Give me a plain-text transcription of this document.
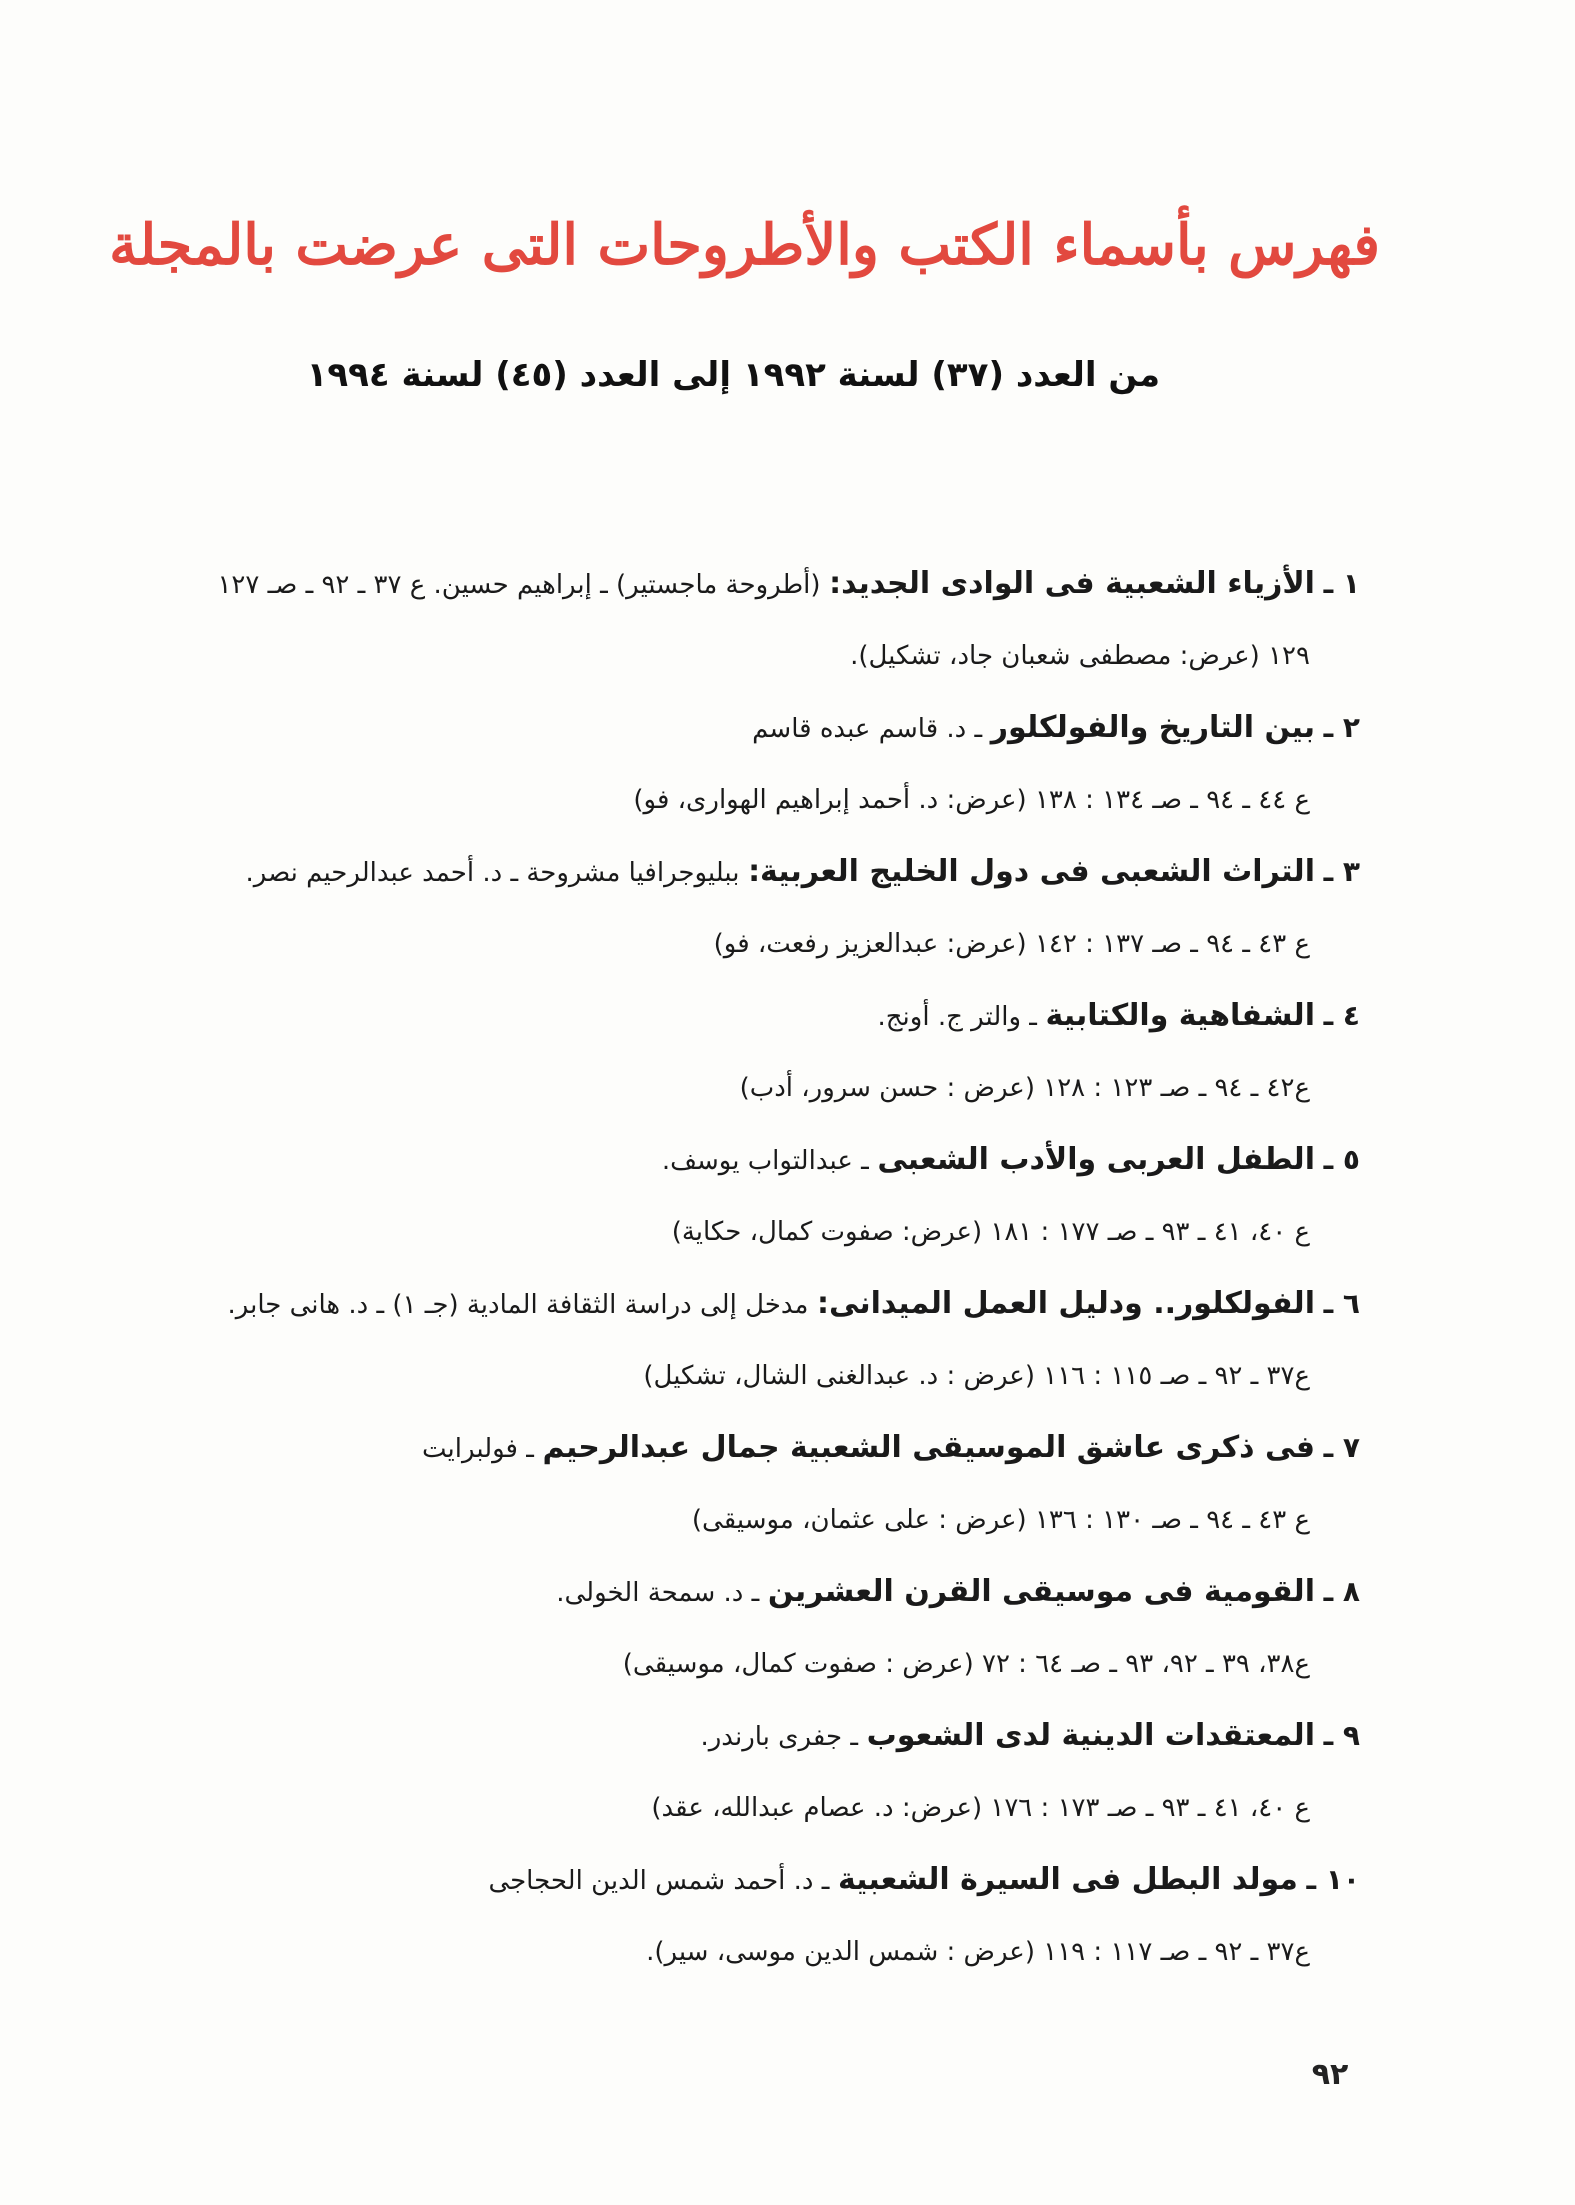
فهرس بأسماء الكتب والأطروحات التى عرضت بالمجلة
من العدد (٣٧) لسنة ١٩٩٢ إلى العدد (٤٥) لسنة ١٩٩٤
١ ـ الأزياء الشعبية فى الوادى الجديد: (أطروحة ماجستير) ـ إبراهيم حسين. ع ٣٧ ـ ٩٢ ـ صـ ١٢٧
١٢٩ (عرض: مصطفى شعبان جاد، تشكيل).
٢ ـ بين التاريخ والفولكلور ـ د. قاسم عبده قاسم
ع ٤٤ ـ ٩٤ ـ صـ ١٣٤ : ١٣٨ (عرض: د. أحمد إبراهيم الهوارى، فو)
٣ ـ التراث الشعبى فى دول الخليج العربية: ببليوجرافيا مشروحة ـ د. أحمد عبدالرحيم نصر.
ع ٤٣ ـ ٩٤ ـ صـ ١٣٧ : ١٤٢ (عرض: عبدالعزيز رفعت، فو)
٤ ـ الشفاهية والكتابية ـ والتر ج. أونج.
ع٤٢ ـ ٩٤ ـ صـ ١٢٣ : ١٢٨ (عرض : حسن سرور، أدب)
٥ ـ الطفل العربى والأدب الشعبى ـ عبدالتواب يوسف.
ع ٤٠، ٤١ ـ ٩٣ ـ صـ ١٧٧ : ١٨١ (عرض: صفوت كمال، حكاية)
٦ ـ الفولكلور.. ودليل العمل الميدانى: مدخل إلى دراسة الثقافة المادية (جـ ١) ـ د. هانى جابر.
ع٣٧ ـ ٩٢ ـ صـ ١١٥ : ١١٦ (عرض : د. عبدالغنى الشال، تشكيل)
٧ ـ فى ذكرى عاشق الموسيقى الشعبية جمال عبدالرحيم ـ فولبرايت
ع ٤٣ ـ ٩٤ ـ صـ ١٣٠ : ١٣٦ (عرض : على عثمان، موسيقى)
٨ ـ القومية فى موسيقى القرن العشرين ـ د. سمحة الخولى.
ع٣٨، ٣٩ ـ ٩٢، ٩٣ ـ صـ ٦٤ : ٧٢ (عرض : صفوت كمال، موسيقى)
٩ ـ المعتقدات الدينية لدى الشعوب ـ جفرى بارندر.
ع ٤٠، ٤١ ـ ٩٣ ـ صـ ١٧٣ : ١٧٦ (عرض: د. عصام عبدالله، عقد)
١٠ ـ مولد البطل فى السيرة الشعبية ـ د. أحمد شمس الدين الحجاجى
ع٣٧ ـ ٩٢ ـ صـ ١١٧ : ١١٩ (عرض : شمس الدين موسى، سير).
٩٢
